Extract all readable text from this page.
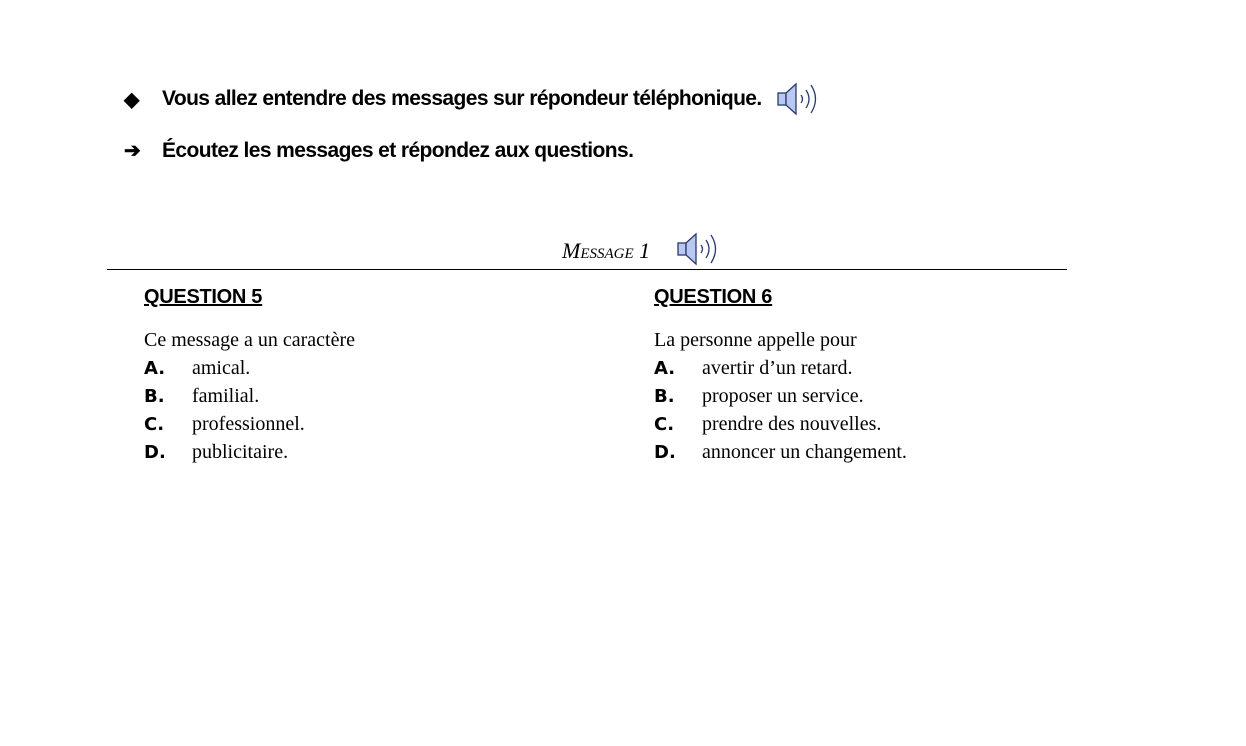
◆	Vous allez entendre des messages sur répondeur téléphonique.
➔	Écoutez les messages et répondez aux questions.
Message 1
QUESTION 5
Ce message a un caractère
A.	amical.
B.	familial.
C.	professionnel.
D.	publicitaire.
QUESTION 6
La personne appelle pour
A.	avertir d’un retard.
B.	proposer un service.
C.	prendre des nouvelles.
D.	annoncer un changement.
